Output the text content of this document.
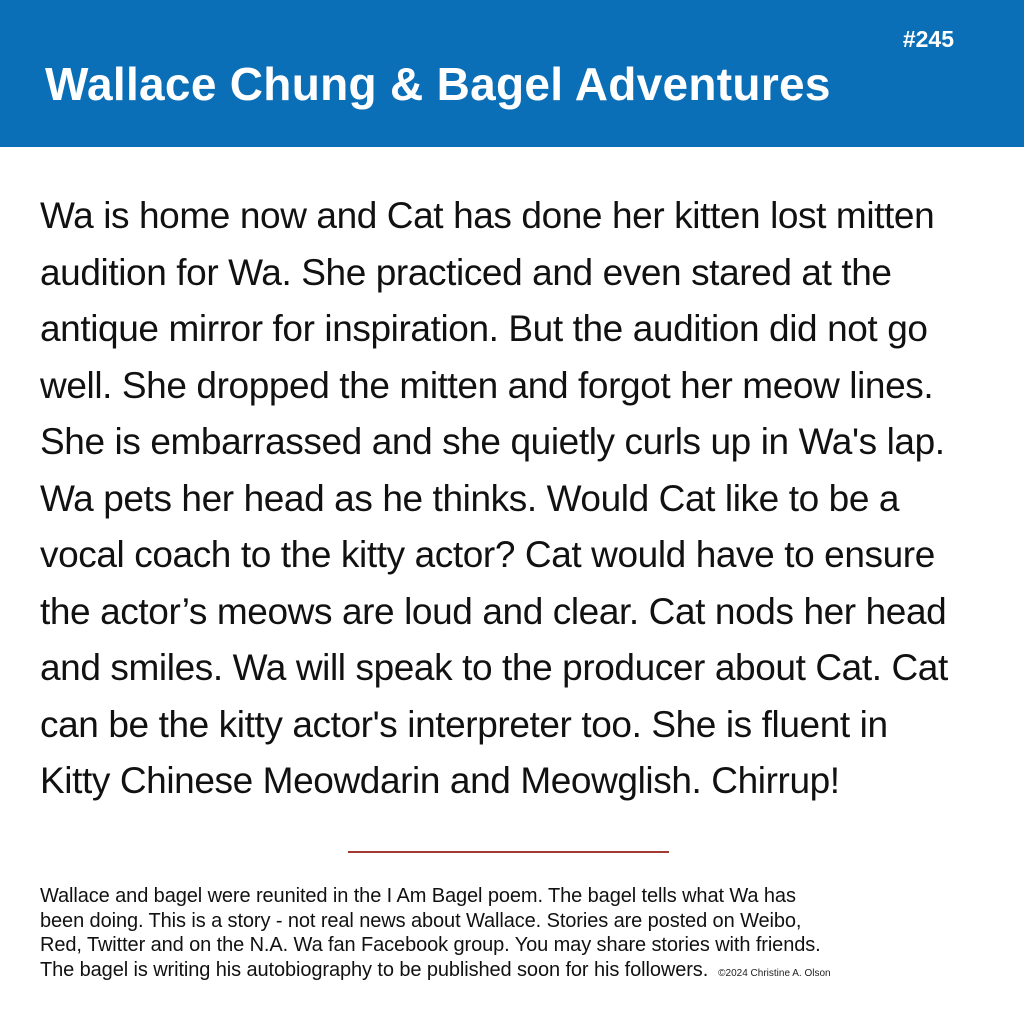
#245
Wallace Chung & Bagel Adventures

Wa is home now and Cat has done her kitten lost mitten
audition for Wa. She practiced and even stared at the
antique mirror for inspiration. But the audition did not go
well. She dropped the mitten and forgot her meow lines.
She is embarrassed and she quietly curls up in Wa's lap.
Wa pets her head as he thinks. Would Cat like to be a
vocal coach to the kitty actor? Cat would have to ensure
the actor’s meows are loud and clear. Cat nods her head
and smiles. Wa will speak to the producer about Cat. Cat
can be the kitty actor's interpreter too. She is fluent in
Kitty Chinese Meowdarin and Meowglish. Chirrup!

Wallace and bagel were reunited in the I Am Bagel poem. The bagel tells what Wa has
been doing. This is a story - not real news about Wallace. Stories are posted on Weibo,
Red, Twitter and on the N.A. Wa fan Facebook group. You may share stories with friends.
The bagel is writing his autobiography to be published soon for his followers. ©2024 Christine A. Olson
